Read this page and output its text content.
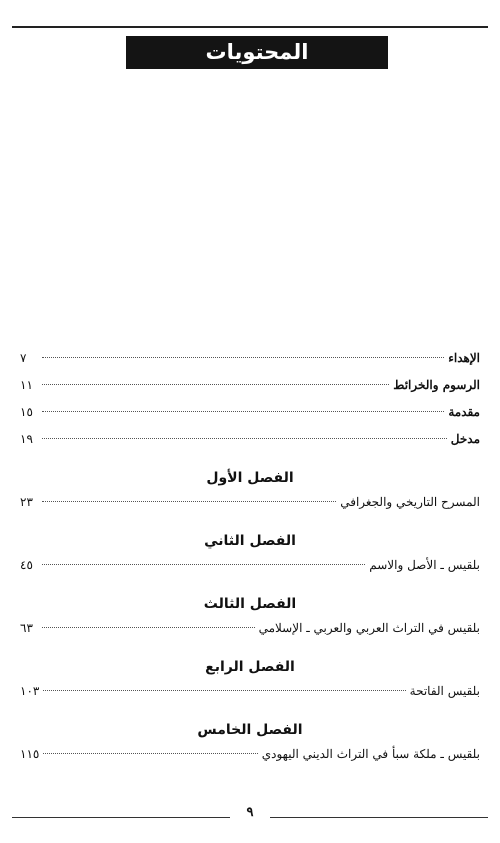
المحتويات
الإهداء
٧
الرسوم والخرائط
١١
مقدمة
١٥
مدخل
١٩
الفصل الأول
المسرح التاريخي والجغرافي
٢٣
الفصل الثاني
بلقيس ـ الأصل والاسم
٤٥
الفصل الثالث
بلقيس في التراث العربي والعربي ـ الإسلامي
٦٣
الفصل الرابع
بلقيس الفاتحة
١٠٣
الفصل الخامس
بلقيس ـ ملكة سبأ في التراث الديني اليهودي
١١٥
٩
